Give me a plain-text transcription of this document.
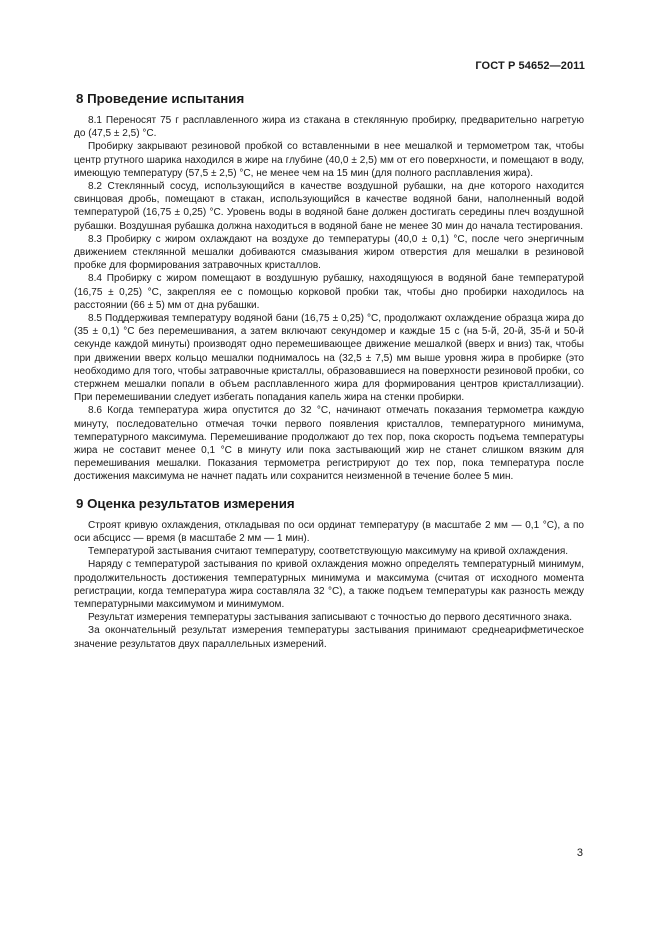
ГОСТ Р 54652—2011
8 Проведение испытания

8.1 Переносят 75 г расплавленного жира из стакана в стеклянную пробирку, предварительно нагретую до (47,5 ± 2,5) °С.

Пробирку закрывают резиновой пробкой со вставленными в нее мешалкой и термометром так, чтобы центр ртутного шарика находился в жире на глубине (40,0 ± 2,5) мм от его поверхности, и помещают в воду, имеющую температуру (57,5 ± 2,5) °С, не менее чем на 15 мин (для полного расплавления жира).

8.2 Стеклянный сосуд, использующийся в качестве воздушной рубашки, на дне которого находится свинцовая дробь, помещают в стакан, использующийся в качестве водяной бани, наполненный водой температурой (16,75 ± 0,25) °С. Уровень воды в водяной бане должен достигать середины плеч воздушной рубашки. Воздушная рубашка должна находиться в водяной бане не менее 30 мин до начала тестирования.

8.3 Пробирку с жиром охлаждают на воздухе до температуры (40,0 ± 0,1) °С, после чего энергичным движением стеклянной мешалки добиваются смазывания жиром отверстия для мешалки в резиновой пробке для формирования затравочных кристаллов.

8.4 Пробирку с жиром помещают в воздушную рубашку, находящуюся в водяной бане температурой (16,75 ± 0,25) °С, закрепляя ее с помощью корковой пробки так, чтобы дно пробирки находилось на расстоянии (66 ± 5) мм от дна рубашки.

8.5 Поддерживая температуру водяной бани (16,75 ± 0,25) °С, продолжают охлаждение образца жира до (35 ± 0,1) °С без перемешивания, а затем включают секундомер и каждые 15 с (на 5-й, 20-й, 35-й и 50-й секунде каждой минуты) производят одно перемешивающее движение мешалкой (вверх и вниз) так, чтобы при движении вверх кольцо мешалки поднималось на (32,5 ± 7,5) мм выше уровня жира в пробирке (это необходимо для того, чтобы затравочные кристаллы, образовавшиеся на поверхности резиновой пробки, со стержнем мешалки попали в объем расплавленного жира для формирования центров кристаллизации). При перемешивании следует избегать попадания капель жира на стенки пробирки.

8.6 Когда температура жира опустится до 32 °С, начинают отмечать показания термометра каждую минуту, последовательно отмечая точки первого появления кристаллов, температурного минимума, температурного максимума. Перемешивание продолжают до тех пор, пока скорость подъема температуры жира не составит менее 0,1 °С в минуту или пока застывающий жир не станет слишком вязким для перемешивания мешалки. Показания термометра регистрируют до тех пор, пока температура после достижения максимума не начнет падать или сохранится неизменной в течение более 5 мин.

9 Оценка результатов измерения

Строят кривую охлаждения, откладывая по оси ординат температуру (в масштабе 2 мм — 0,1 °С), а по оси абсцисс — время (в масштабе 2 мм — 1 мин).

Температурой застывания считают температуру, соответствующую максимуму на кривой охлаждения.

Наряду с температурой застывания по кривой охлаждения можно определять температурный минимум, продолжительность достижения температурных минимума и максимума (считая от исходного момента регистрации, когда температура жира составляла 32 °С), а также подъем температуры как разность между температурными максимумом и минимумом.

Результат измерения температуры застывания записывают с точностью до первого десятичного знака.

За окончательный результат измерения температуры застывания принимают среднеарифметическое значение результатов двух параллельных измерений.

3
